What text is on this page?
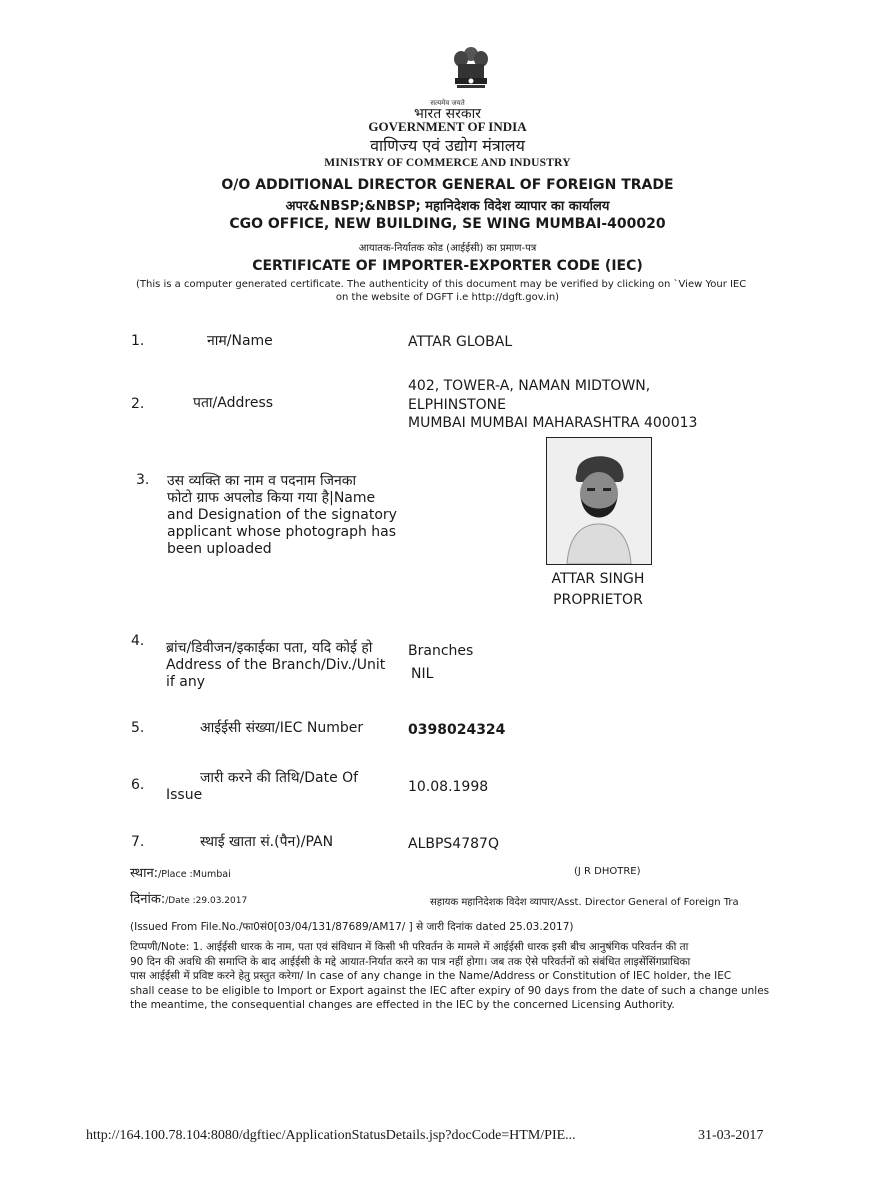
सत्यमेव जयते
भारत सरकार
GOVERNMENT OF INDIA
वाणिज्य एवं उद्योग मंत्रालय
MINISTRY OF COMMERCE AND INDUSTRY
O/O ADDITIONAL DIRECTOR GENERAL OF FOREIGN TRADE
अपर&NBSP;&NBSP; महानिदेशक विदेश व्यापार का कार्यालय
CGO OFFICE, NEW BUILDING, SE WING MUMBAI-400020
आयातक-निर्यातक कोड (आईईसी) का प्रमाण-पत्र
CERTIFICATE OF IMPORTER-EXPORTER CODE (IEC)
(This is a computer generated certificate. The authenticity of this document may be verified by clicking on `View Your IEC
on the website of DGFT i.e http://dgft.gov.in)
1.	नाम/Name	ATTAR GLOBAL
2.	पता/Address
402, TOWER-A, NAMAN MIDTOWN,
ELPHINSTONE
MUMBAI MUMBAI MAHARASHTRA 400013
3. उस व्यक्ति का नाम व पदनाम जिनका
फोटो ग्राफ अपलोड किया गया है|Name
and Designation of the signatory
applicant whose photograph has
been uploaded
ATTAR SINGH
PROPRIETOR
4. ब्रांच/डिवीजन/इकाईका पता, यदि कोई हो
Address of the Branch/Div./Unit
if any
Branches
NIL
5.	आईईसी संख्या/IEC Number	0398024324
6.	जारी करने की तिथि/Date Of
Issue	10.08.1998
7.	स्थाई खाता सं.(पैन)/PAN	ALBPS4787Q
स्थान:/Place :Mumbai	(J R DHOTRE)
दिनांक:/Date :29.03.2017	सहायक महानिदेशक विदेश व्यापार/Asst. Director General of Foreign Tra
(Issued From File.No./फा0सं0[03/04/131/87689/AM17/ ] से जारी दिनांक dated 25.03.2017)
टिप्पणी/Note: 1. आईईसी धारक के नाम, पता एवं संविधान में किसी भी परिवर्तन के मामले में आईईसी धारक इसी बीच आनुषंगिक परिवर्तन की ता
90 दिन की अवधि की समाप्ति के बाद आईईसी के मद्दे आयात-निर्यात करने का पात्र नहीं होगा। जब तक ऐसे परिवर्तनों को संबंधित लाइसेंसिंगप्राधिका
पास आईईसी में प्रविष्ट करने हेतु प्रस्तुत करेगा/ In case of any change in the Name/Address or Constitution of IEC holder, the IEC
shall cease to be eligible to Import or Export against the IEC after expiry of 90 days from the date of such a change unles
the meantime, the consequential changes are effected in the IEC by the concerned Licensing Authority.
http://164.100.78.104:8080/dgftiec/ApplicationStatusDetails.jsp?docCode=HTM/PIE...	31-03-2017
